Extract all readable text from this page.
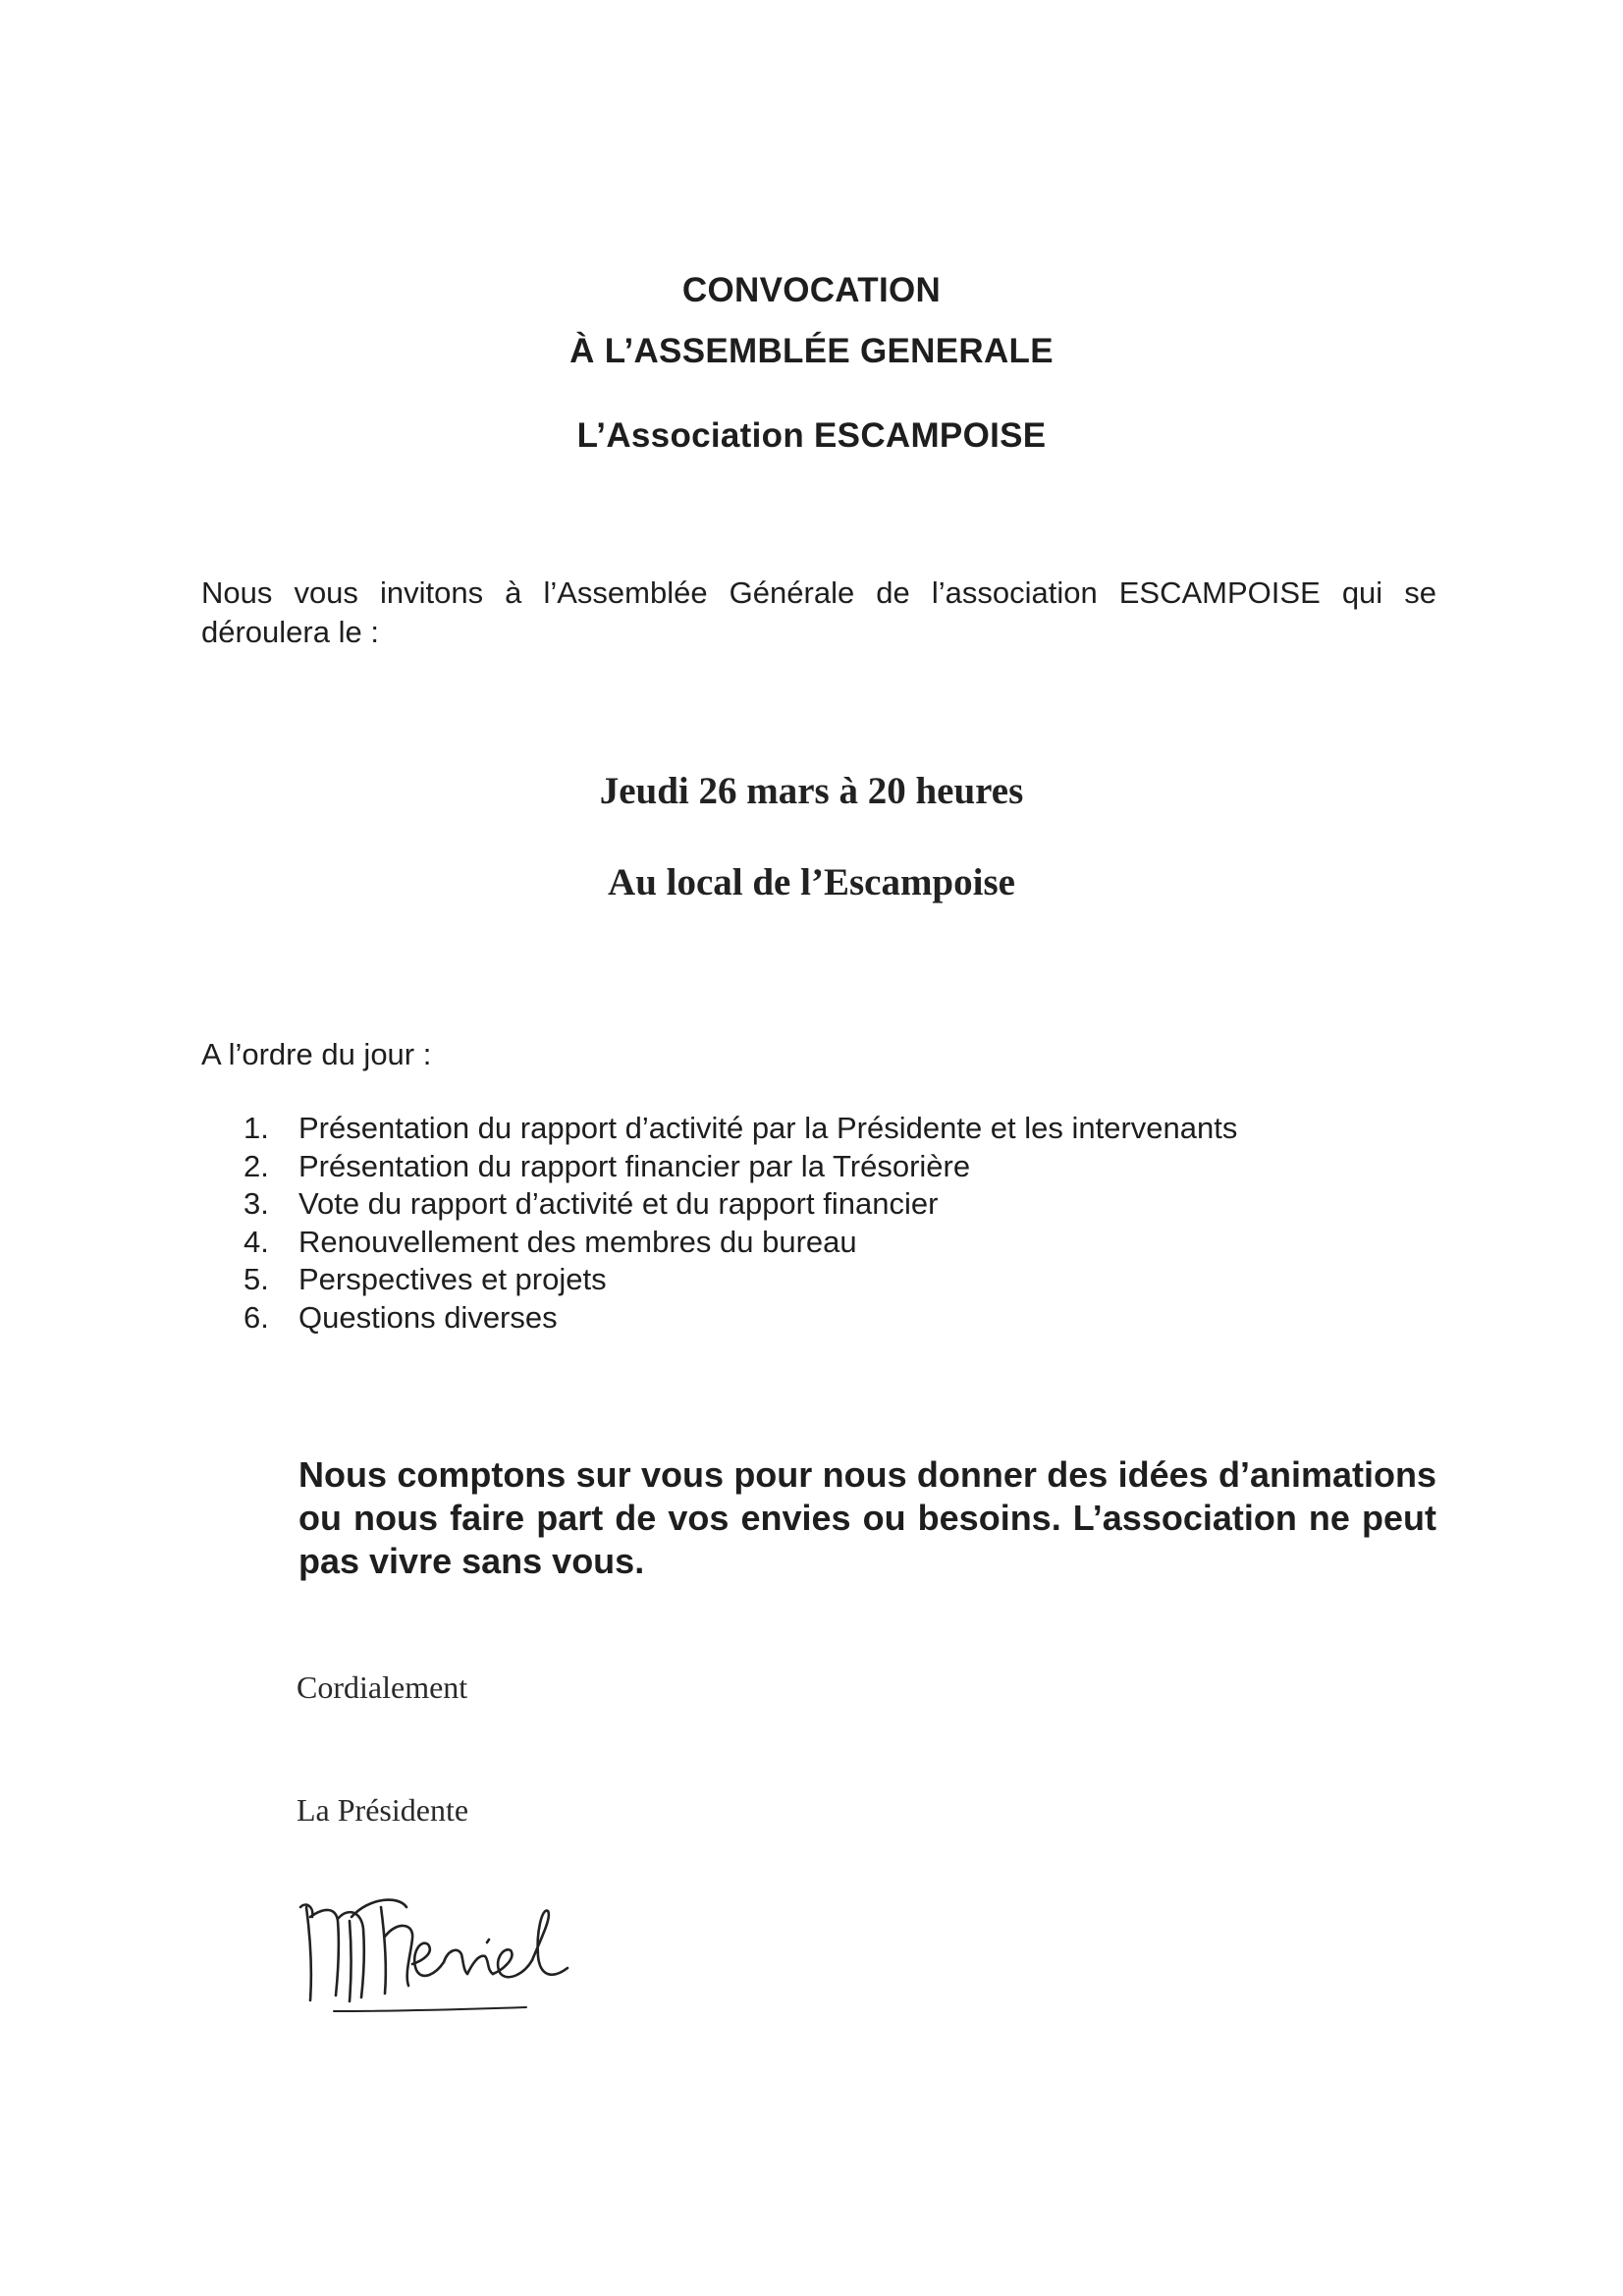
CONVOCATION
À L’ASSEMBLÉE GENERALE
L’Association ESCAMPOISE
Nous vous invitons à l’Assemblée Générale de l’association ESCAMPOISE qui se déroulera le :
Jeudi 26 mars à 20 heures
Au local de l’Escampoise
A l’ordre du jour :
1. Présentation du rapport d’activité par la Présidente et les intervenants
2. Présentation du rapport financier par la Trésorière
3. Vote du rapport d’activité et du rapport financier
4. Renouvellement des membres du bureau
5. Perspectives et projets
6. Questions diverses
Nous comptons sur vous pour nous donner des idées d’animations ou nous faire part de vos envies ou besoins. L’association ne peut pas vivre sans vous.
Cordialement
La Présidente
